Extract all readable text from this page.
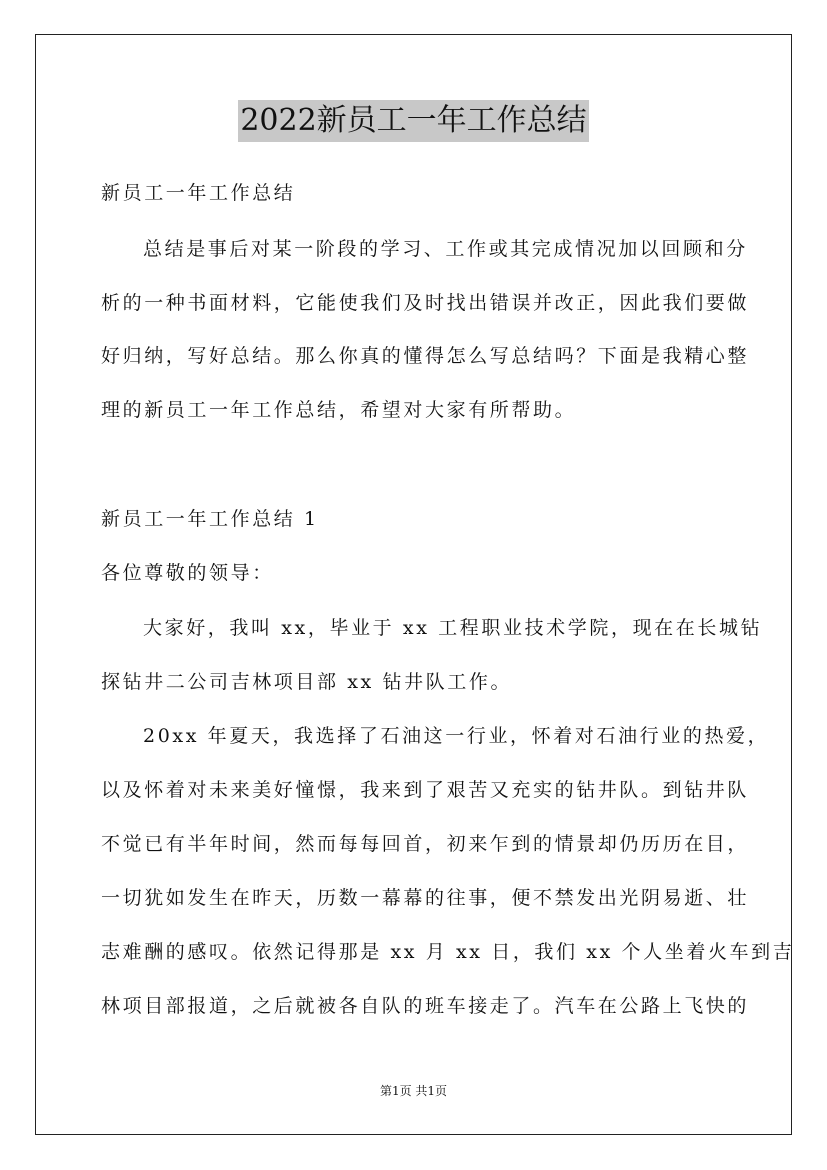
2022新员工一年工作总结
新员工一年工作总结
总结是事后对某一阶段的学习、工作或其完成情况加以回顾和分
析的一种书面材料，它能使我们及时找出错误并改正，因此我们要做
好归纳，写好总结。那么你真的懂得怎么写总结吗？下面是我精心整
理的新员工一年工作总结，希望对大家有所帮助。
新员工一年工作总结 1
各位尊敬的领导：
大家好，我叫 xx，毕业于 xx 工程职业技术学院，现在在长城钻
探钻井二公司吉林项目部 xx 钻井队工作。
20xx 年夏天，我选择了石油这一行业，怀着对石油行业的热爱，
以及怀着对未来美好憧憬，我来到了艰苦又充实的钻井队。到钻井队
不觉已有半年时间，然而每每回首，初来乍到的情景却仍历历在目，
一切犹如发生在昨天，历数一幕幕的往事，便不禁发出光阴易逝、壮
志难酬的感叹。依然记得那是 xx 月 xx 日，我们 xx 个人坐着火车到吉
林项目部报道，之后就被各自队的班车接走了。汽车在公路上飞快的
第1页 共1页
